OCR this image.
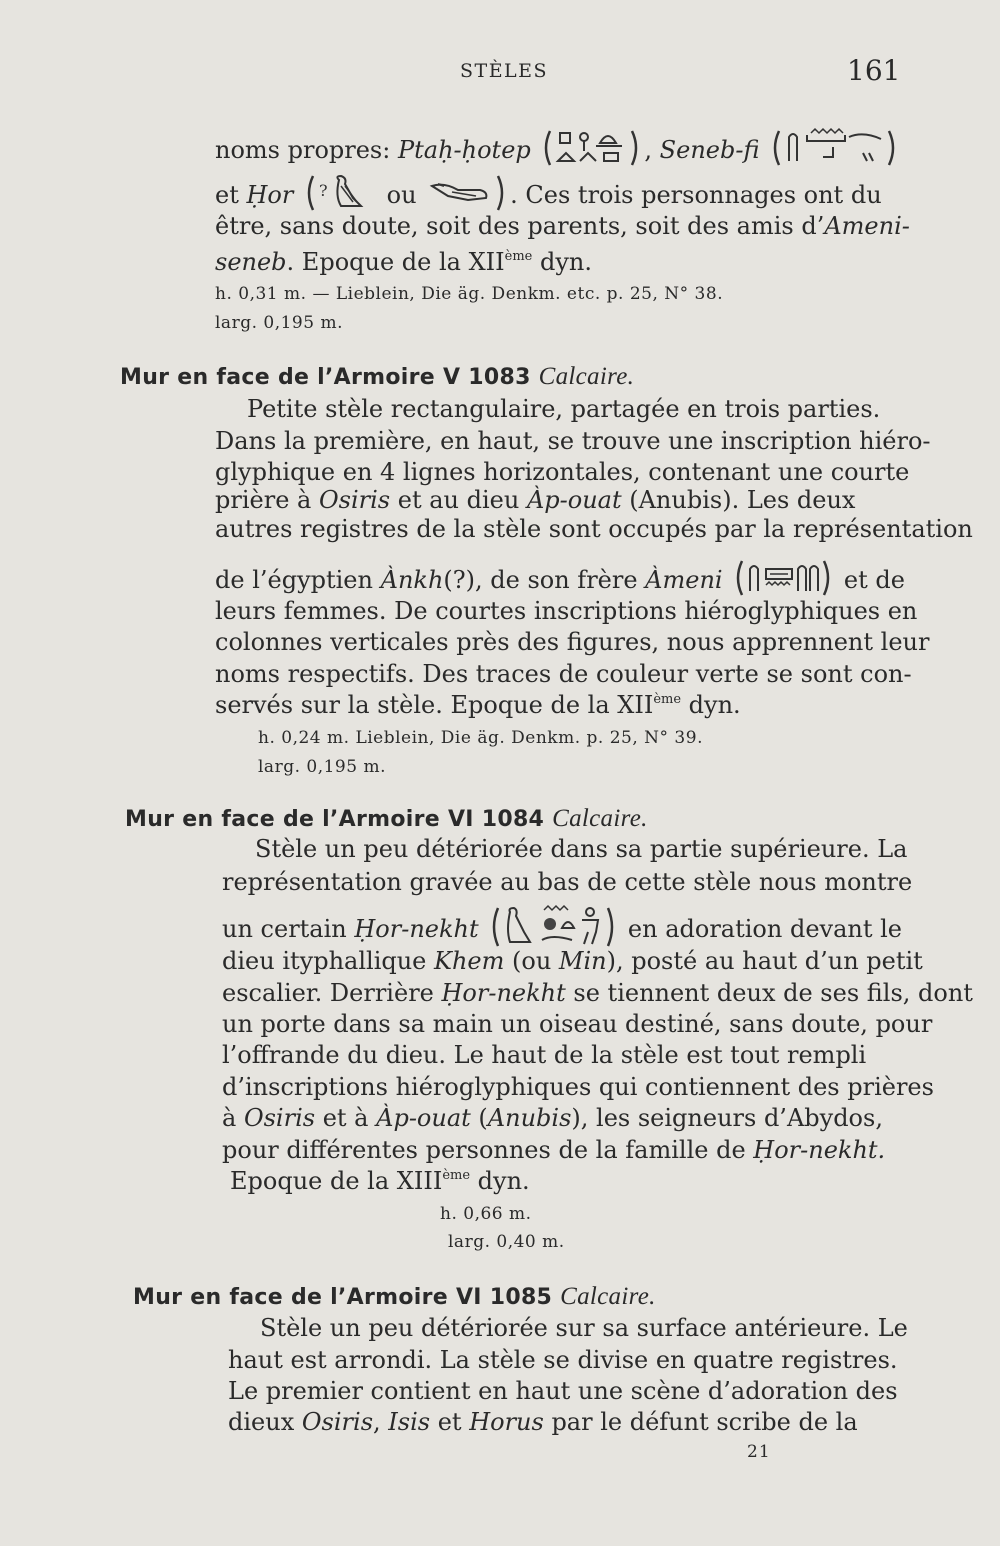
STÈLES	161
noms propres: Ptaḥ-ḥotep	, Seneb-fi
et Ḥor ? ou	. Ces trois personnages ont du
être, sans doute, soit des parents, soit des amis d’Ameni-
seneb. Epoque de la XIIème dyn.
h. 0,31 m. — Lieblein, Die äg. Denkm. etc. p. 25, N° 38.
larg. 0,195 m.
Mur en face de l’Armoire V 1083 Calcaire.
Petite stèle rectangulaire, partagée en trois parties.
Dans la première, en haut, se trouve une inscription hiéro-
glyphique en 4 lignes horizontales, contenant une courte
prière à Osiris et au dieu Àp-ouat (Anubis). Les deux
autres registres de la stèle sont occupés par la représentation
de l’égyptien Ànkh(?), de son frère Àmeni	et de
leurs femmes. De courtes inscriptions hiéroglyphiques en
colonnes verticales près des figures, nous apprennent leur
noms respectifs. Des traces de couleur verte se sont con-
servés sur la stèle. Epoque de la XIIème dyn.
h. 0,24 m. Lieblein, Die äg. Denkm. p. 25, N° 39.
larg. 0,195 m.
Mur en face de l’Armoire VI 1084 Calcaire.
Stèle un peu détériorée dans sa partie supérieure. La
représentation gravée au bas de cette stèle nous montre
un certain Ḥor-nekht	en adoration devant le
dieu ityphallique Khem (ou Min), posté au haut d’un petit
escalier. Derrière Ḥor-nekht se tiennent deux de ses fils, dont
un porte dans sa main un oiseau destiné, sans doute, pour
l’offrande du dieu. Le haut de la stèle est tout rempli
d’inscriptions hiéroglyphiques qui contiennent des prières
à Osiris et à Àp-ouat (Anubis), les seigneurs d’Abydos,
pour différentes personnes de la famille de Ḥor-nekht.
Epoque de la XIIIème dyn.
h. 0,66 m.
larg. 0,40 m.
Mur en face de l’Armoire VI 1085 Calcaire.
Stèle un peu détériorée sur sa surface antérieure. Le
haut est arrondi. La stèle se divise en quatre registres.
Le premier contient en haut une scène d’adoration des
dieux Osiris, Isis et Horus par le défunt scribe de la
21
